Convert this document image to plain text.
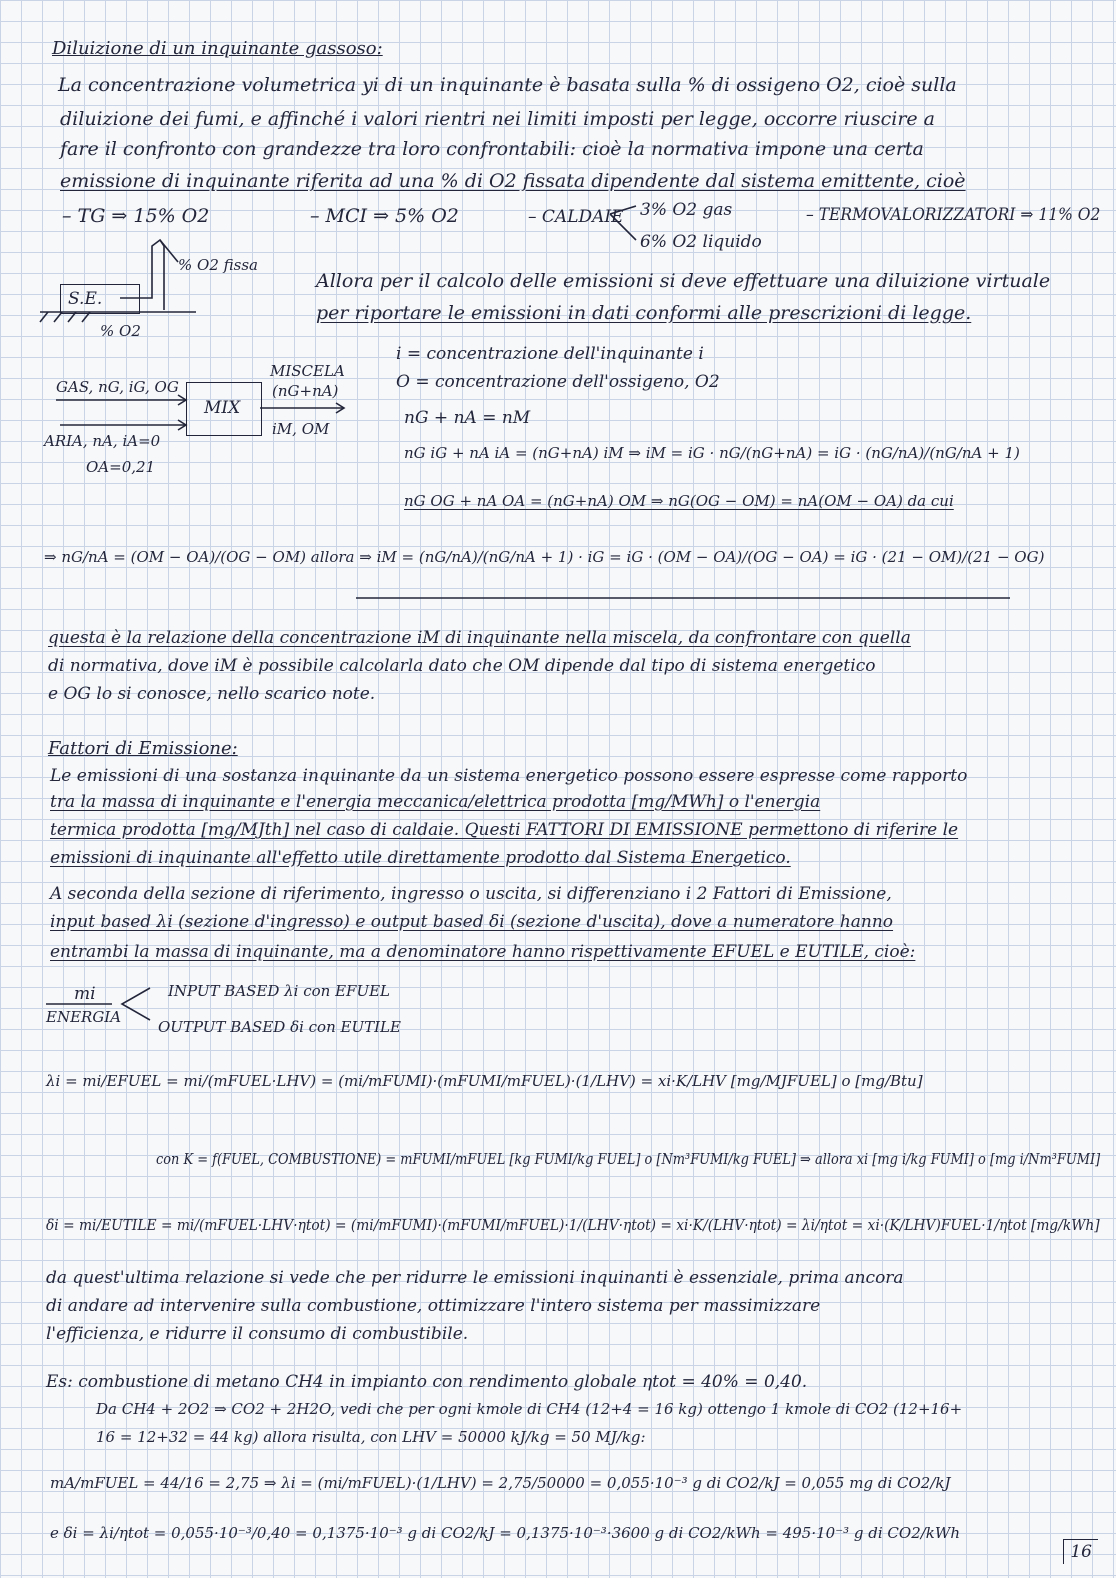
Diluizione di un inquinante gassoso:
La concentrazione volumetrica yi di un inquinante è basata sulla % di ossigeno O2, cioè sulla
diluizione dei fumi, e affinché i valori rientri nei limiti imposti per legge, occorre riuscire a
fare il confronto con grandezze tra loro confrontabili: cioè la normativa impone una certa
emissione di inquinante riferita ad una % di O2 fissata dipendente dal sistema emittente, cioè
– TG ⇒ 15% O2	– MCI ⇒ 5% O2	– CALDAIE 3% O2 gas
6% O2 liquido
– TERMOVALORIZZATORI ⇒ 11% O2
S.E.
% O2 fissa
% O2
Allora per il calcolo delle emissioni si deve effettuare una diluizione virtuale
per riportare le emissioni in dati conformi alle prescrizioni di legge.
GAS, nG, iG, OG
ARIA, nA, iA=0
OA=0,21
MIX
MISCELA
(nG+nA)
iM, OM
i = concentrazione dell'inquinante i
O = concentrazione dell'ossigeno, O2
nG + nA = nM
nG iG + nA iA = (nG+nA) iM ⇒ iM = iG · nG/(nG+nA) = iG · (nG/nA)/(nG/nA + 1)
nG OG + nA OA = (nG+nA) OM ⇒ nG(OG − OM) = nA(OM − OA) da cui
⇒ nG/nA = (OM − OA)/(OG − OM) allora ⇒ iM = (nG/nA)/(nG/nA + 1) · iG = iG · (OM − OA)/(OG − OA) = iG · (21 − OM)/(21 − OG)
questa è la relazione della concentrazione iM di inquinante nella miscela, da confrontare con quella
di normativa, dove iM è possibile calcolarla dato che OM dipende dal tipo di sistema energetico
e OG lo si conosce, nello scarico note.
Fattori di Emissione:
Le emissioni di una sostanza inquinante da un sistema energetico possono essere espresse come rapporto
tra la massa di inquinante e l'energia meccanica/elettrica prodotta [mg/MWh] o l'energia
termica prodotta [mg/MJth] nel caso di caldaie. Questi FATTORI DI EMISSIONE permettono di riferire le
emissioni di inquinante all'effetto utile direttamente prodotto dal Sistema Energetico.
A seconda della sezione di riferimento, ingresso o uscita, si differenziano i 2 Fattori di Emissione,
input based λi (sezione d'ingresso) e output based δi (sezione d'uscita), dove a numeratore hanno
entrambi la massa di inquinante, ma a denominatore hanno rispettivamente EFUEL e EUTILE, cioè:
mi
ENERGIA
INPUT BASED λi con EFUEL
OUTPUT BASED δi con EUTILE
λi = mi/EFUEL = mi/(mFUEL·LHV) = (mi/mFUMI)·(mFUMI/mFUEL)·(1/LHV) = xi·K/LHV [mg/MJFUEL] o [mg/Btu]
con K = f(FUEL, COMBUSTIONE) = mFUMI/mFUEL [kg FUMI/kg FUEL] o [Nm³FUMI/kg FUEL] ⇒ allora xi [mg i/kg FUMI] o [mg i/Nm³FUMI]
δi = mi/EUTILE = mi/(mFUEL·LHV·ηtot) = (mi/mFUMI)·(mFUMI/mFUEL)·1/(LHV·ηtot) = xi·K/(LHV·ηtot) = λi/ηtot = xi·(K/LHV)FUEL·1/ηtot [mg/kWh]
da quest'ultima relazione si vede che per ridurre le emissioni inquinanti è essenziale, prima ancora
di andare ad intervenire sulla combustione, ottimizzare l'intero sistema per massimizzare
l'efficienza, e ridurre il consumo di combustibile.
Es: combustione di metano CH4 in impianto con rendimento globale ηtot = 40% = 0,40.
Da CH4 + 2O2 ⇒ CO2 + 2H2O, vedi che per ogni kmole di CH4 (12+4 = 16 kg) ottengo 1 kmole di CO2 (12+16+
16 = 12+32 = 44 kg) allora risulta, con LHV = 50000 kJ/kg = 50 MJ/kg:
mA/mFUEL = 44/16 = 2,75 ⇒ λi = (mi/mFUEL)·(1/LHV) = 2,75/50000 = 0,055·10⁻³ g di CO2/kJ = 0,055 mg di CO2/kJ
e δi = λi/ηtot = 0,055·10⁻³/0,40 = 0,1375·10⁻³ g di CO2/kJ = 0,1375·10⁻³·3600 g di CO2/kWh = 495·10⁻³ g di CO2/kWh
16
